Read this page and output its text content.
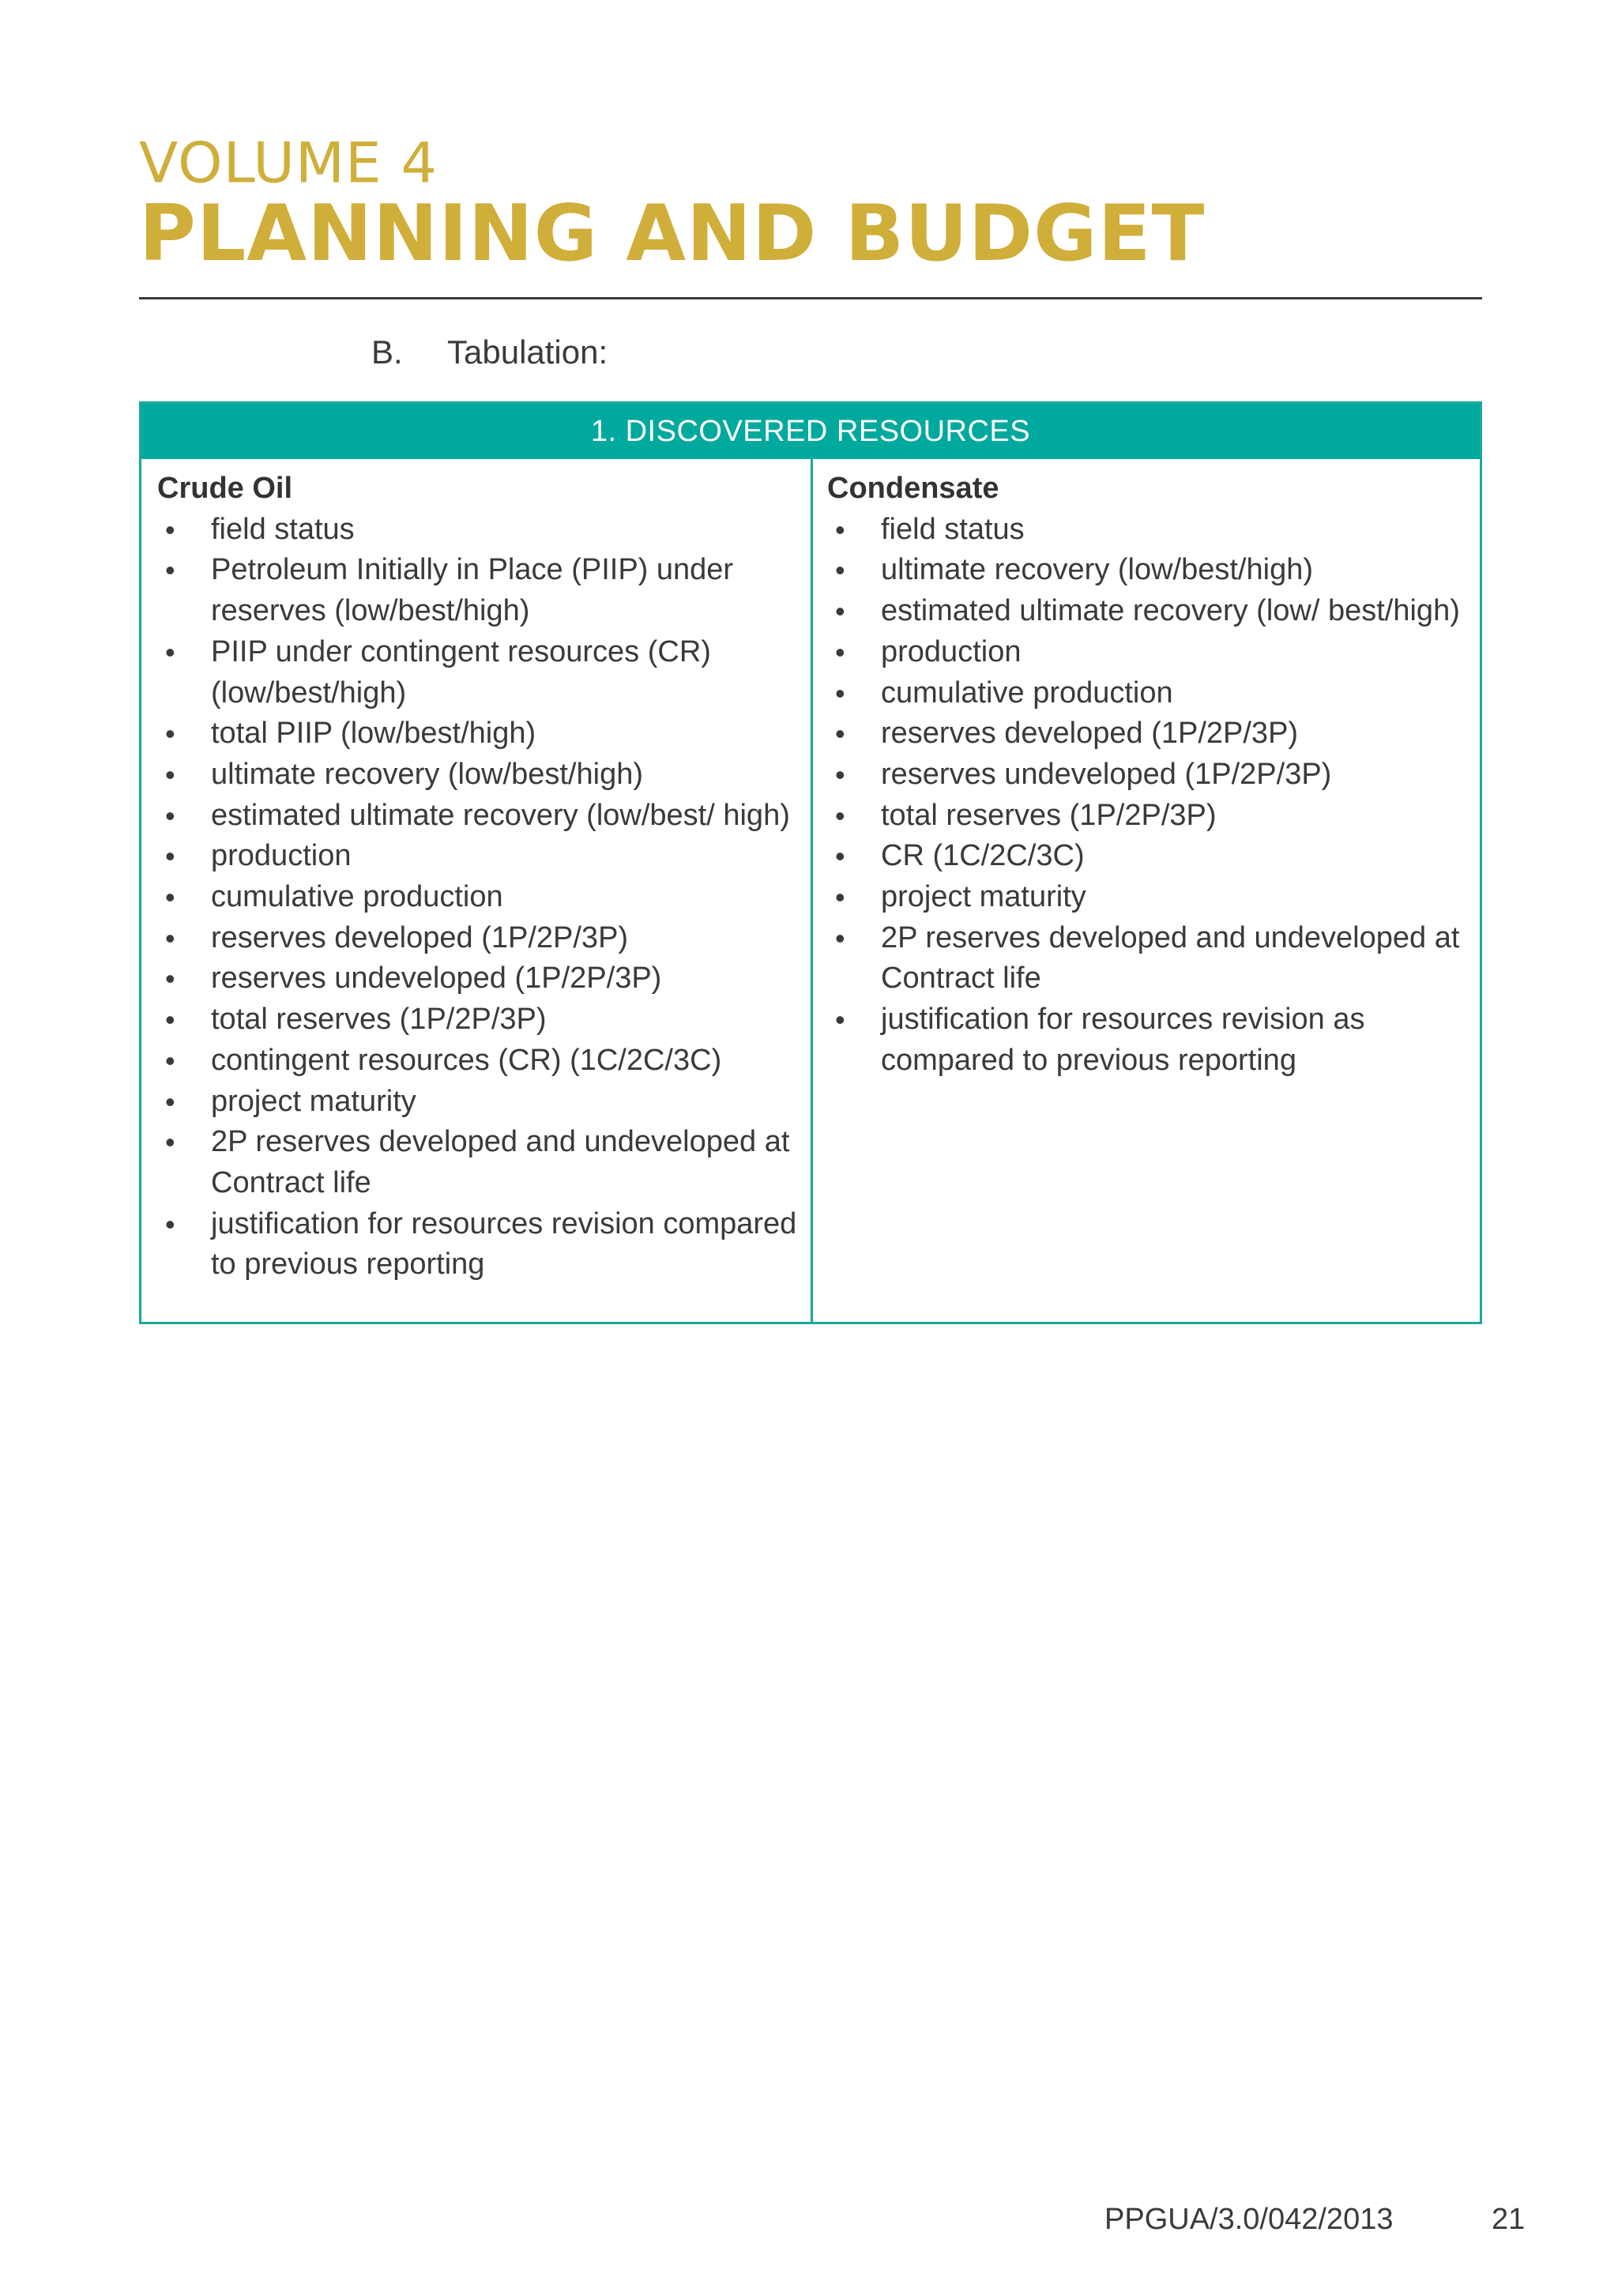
VOLUME 4
PLANNING AND BUDGET
B. Tabulation:
1. DISCOVERED RESOURCES
Crude Oil
• field status
• Petroleum Initially in Place (PIIP) under reserves (low/best/high)
• PIIP under contingent resources (CR) (low/best/high)
• total PIIP (low/best/high)
• ultimate recovery (low/best/high)
• estimated ultimate recovery (low/best/ high)
• production
• cumulative production
• reserves developed (1P/2P/3P)
• reserves undeveloped (1P/2P/3P)
• total reserves (1P/2P/3P)
• contingent resources (CR) (1C/2C/3C)
• project maturity
• 2P reserves developed and undeveloped at Contract life
• justification for resources revision compared to previous reporting
Condensate
• field status
• ultimate recovery (low/best/high)
• estimated ultimate recovery (low/ best/high)
• production
• cumulative production
• reserves developed (1P/2P/3P)
• reserves undeveloped (1P/2P/3P)
• total reserves (1P/2P/3P)
• CR (1C/2C/3C)
• project maturity
• 2P reserves developed and undeveloped at Contract life
• justification for resources revision as compared to previous reporting
PPGUA/3.0/042/2013	21
